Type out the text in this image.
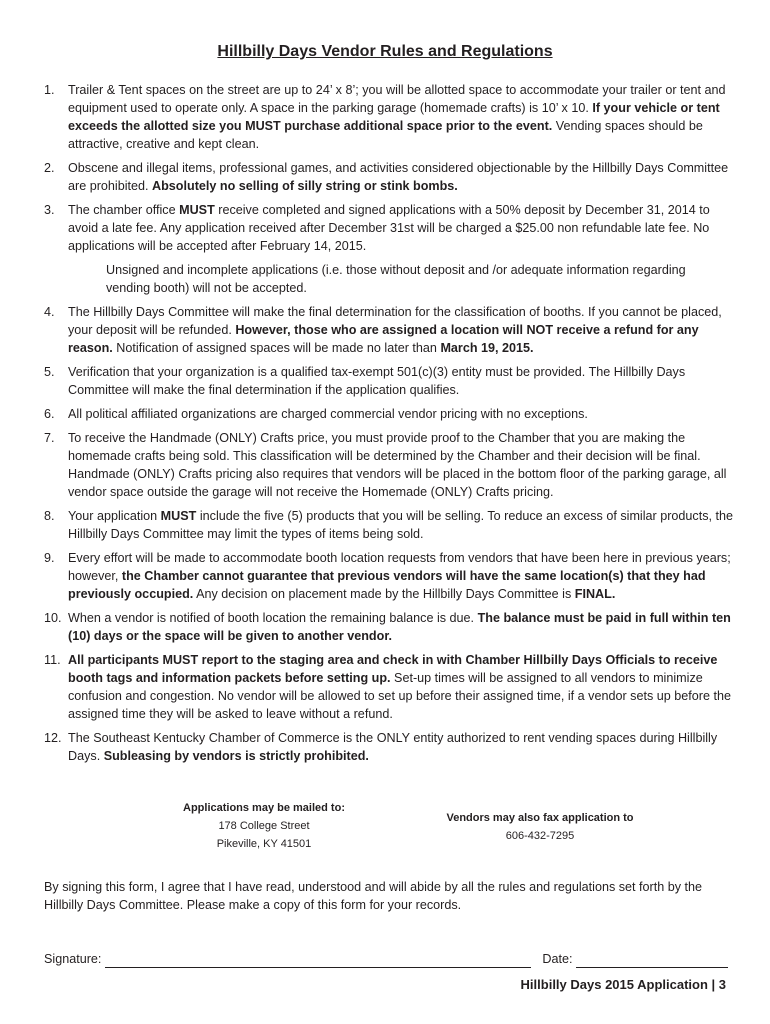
Hillbilly Days Vendor Rules and Regulations
1. Trailer & Tent spaces on the street are up to 24’ x 8’; you will be allotted space to accommodate your trailer or tent and equipment used to operate only. A space in the parking garage (homemade crafts) is 10’ x 10. If your vehicle or tent exceeds the allotted size you MUST purchase additional space prior to the event. Vending spaces should be attractive, creative and kept clean.
2. Obscene and illegal items, professional games, and activities considered objectionable by the Hillbilly Days Committee are prohibited. Absolutely no selling of silly string or stink bombs.
3. The chamber office MUST receive completed and signed applications with a 50% deposit by December 31, 2014 to avoid a late fee. Any application received after December 31st will be charged a $25.00 non refundable late fee. No applications will be accepted after February 14, 2015.
Unsigned and incomplete applications (i.e. those without deposit and /or adequate information regarding vending booth) will not be accepted.
4. The Hillbilly Days Committee will make the final determination for the classification of booths. If you cannot be placed, your deposit will be refunded. However, those who are assigned a location will NOT receive a refund for any reason. Notification of assigned spaces will be made no later than March 19, 2015.
5. Verification that your organization is a qualified tax-exempt 501(c)(3) entity must be provided. The Hillbilly Days Committee will make the final determination if the application qualifies.
6. All political affiliated organizations are charged commercial vendor pricing with no exceptions.
7. To receive the Handmade (ONLY) Crafts price, you must provide proof to the Chamber that you are making the homemade crafts being sold. This classification will be determined by the Chamber and their decision will be final. Handmade (ONLY) Crafts pricing also requires that vendors will be placed in the bottom floor of the parking garage, all vendor space outside the garage will not receive the Homemade (ONLY) Crafts pricing.
8. Your application MUST include the five (5) products that you will be selling. To reduce an excess of similar products, the Hillbilly Days Committee may limit the types of items being sold.
9. Every effort will be made to accommodate booth location requests from vendors that have been here in previous years; however, the Chamber cannot guarantee that previous vendors will have the same location(s) that they had previously occupied. Any decision on placement made by the Hillbilly Days Committee is FINAL.
10. When a vendor is notified of booth location the remaining balance is due. The balance must be paid in full within ten (10) days or the space will be given to another vendor.
11. All participants MUST report to the staging area and check in with Chamber Hillbilly Days Officials to receive booth tags and information packets before setting up. Set-up times will be assigned to all vendors to minimize confusion and congestion. No vendor will be allowed to set up before their assigned time, if a vendor sets up before the assigned time they will be asked to leave without a refund.
12. The Southeast Kentucky Chamber of Commerce is the ONLY entity authorized to rent vending spaces during Hillbilly Days. Subleasing by vendors is strictly prohibited.
Applications may be mailed to:
178 College Street
Pikeville, KY 41501
Vendors may also fax application to
606-432-7295

By signing this form, I agree that I have read, understood and will abide by all the rules and regulations set forth by the Hillbilly Days Committee. Please make a copy of this form for your records.

Signature:	Date:
Hillbilly Days 2015 Application | 3
